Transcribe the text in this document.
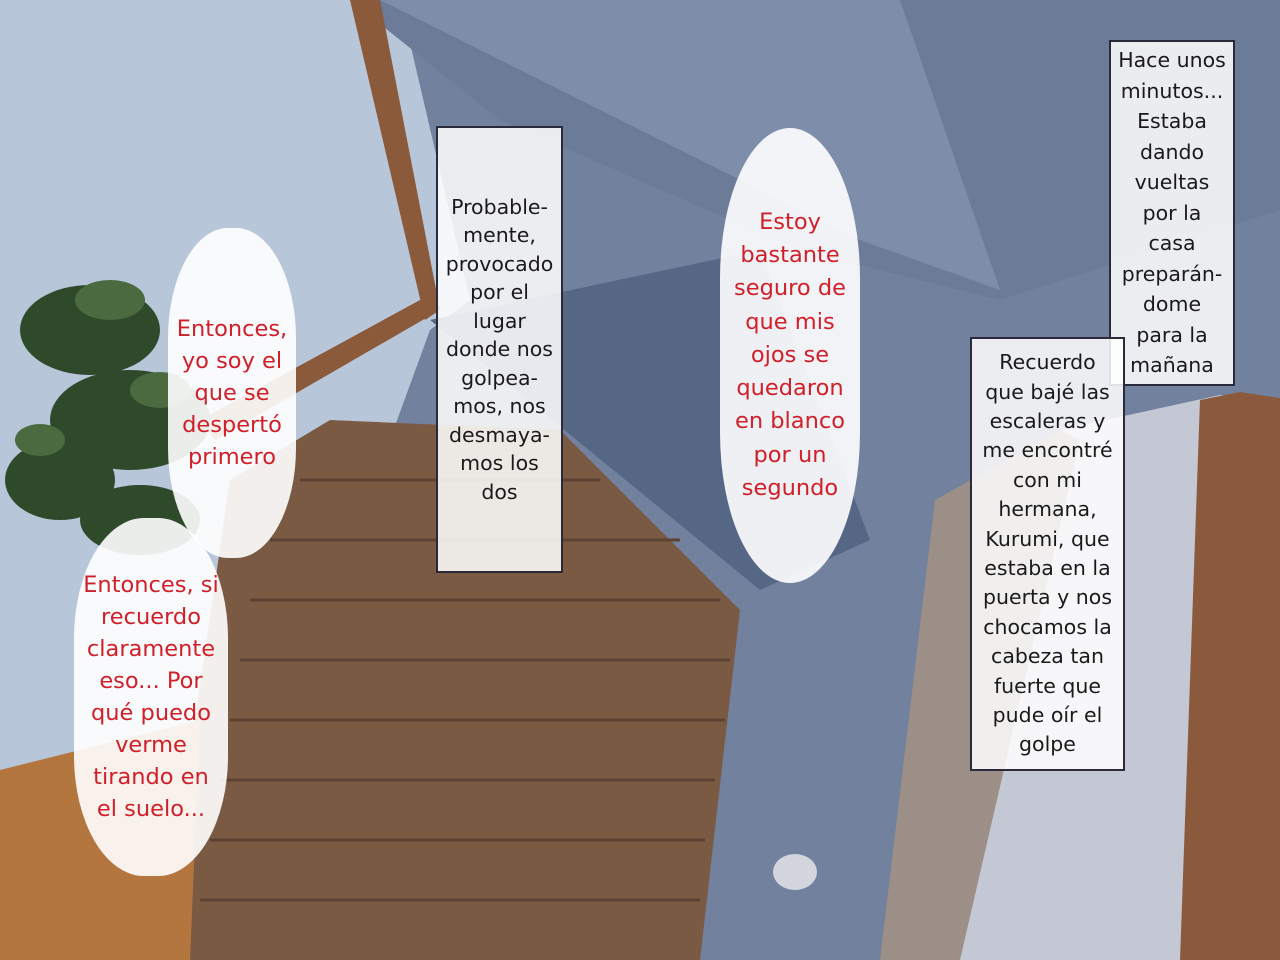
Probable-
mente,
provocado
por el
lugar
donde nos
golpea-
mos, nos
desmaya-
mos los
dos
Hace unos
minutos...
Estaba
dando
vueltas
por la
casa
preparán-
dome
para la
mañana
Recuerdo
que bajé las
escaleras y
me encontré
con mi
hermana,
Kurumi, que
estaba en la
puerta y nos
chocamos la
cabeza tan
fuerte que
pude oír el
golpe
Entonces,
yo soy el
que se
despertó
primero
Entonces, si
recuerdo
claramente
eso... Por
qué puedo
verme
tirando en
el suelo...
Estoy
bastante
seguro de
que mis
ojos se
quedaron
en blanco
por un
segundo
